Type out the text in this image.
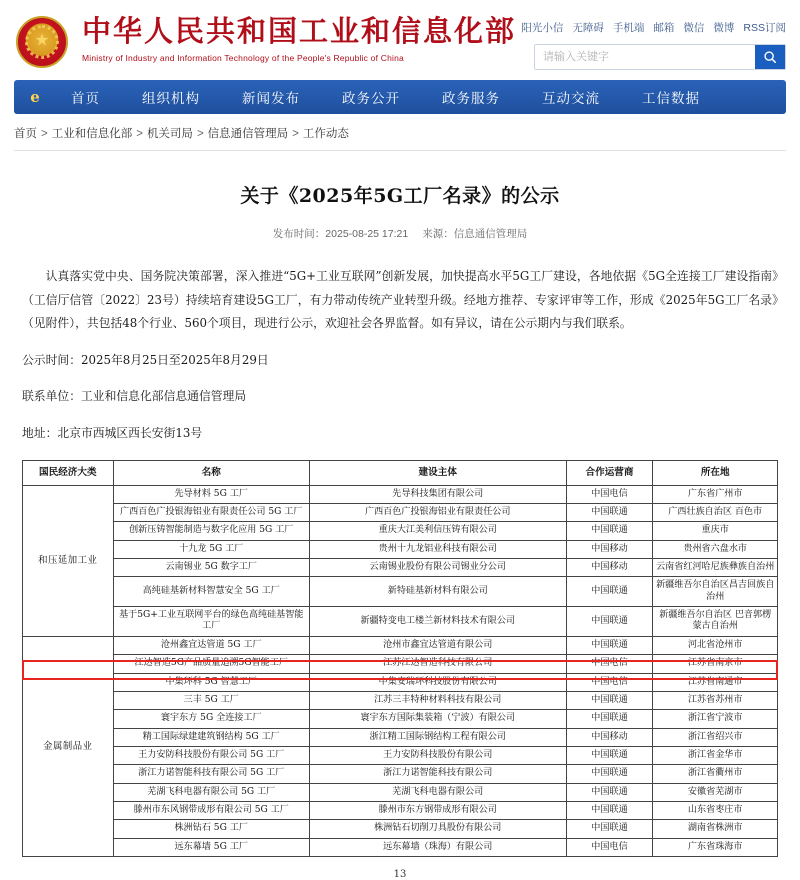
★ 中华人民共和国工业和信息化部
Ministry of Industry and Information Technology of the People's Republic of China
阳光小信 无障碍 手机端 邮箱 微信 微博 RSS订阅
请输入关键字
e	首页	组织机构	新闻发布	政务公开	政务服务	互动交流	工信数据
首页 > 工业和信息化部 > 机关司局 > 信息通信管理局 > 工作动态
关于《2025年5G工厂名录》的公示
发布时间：2025-08-25 17:21 来源：信息通信管理局

认真落实党中央、国务院决策部署，深入推进“5G+工业互联网”创新发展，加快提高水平5G工厂建设，各地依据《5G全连接工厂建设指南》（工信厅信管〔2022〕23号）持续培育建设5G工厂，有力带动传统产业转型升级。经地方推荐、专家评审等工作，形成《2025年5G工厂名录》（见附件），共包括48个行业、560个项目，现进行公示，欢迎社会各界监督。如有异议，请在公示期内与我们联系。

公示时间：2025年8月25日至2025年8月29日

联系单位：工业和信息化部信息通信管理局

地址：北京市西城区西长安街13号

国民经济大类	名称	建设主体	合作运营商	所在地
和压延加工业	先导材料 5G 工厂	先导科技集团有限公司	中国电信	广东省广州市
	广西百色广投银海铝业有限责任公司 5G 工厂	广西百色广投银海铝业有限责任公司	中国联通	广西壮族自治区 百色市
	创新压铸智能制造与数字化应用 5G 工厂	重庆大江美利信压铸有限公司	中国联通	重庆市
	十九龙 5G 工厂	贵州十九龙铝业科技有限公司	中国移动	贵州省六盘水市
	云南锡业 5G 数字工厂	云南锡业股份有限公司锡业分公司	中国移动	云南省红河哈尼族彝族自治州
	高纯硅基新材料智慧安全 5G 工厂	新特硅基新材料有限公司	中国联通	新疆维吾尔自治区昌吉回族自治州
	基于5G+工业互联网平台的绿色高纯硅基智能工厂	新疆特变电工楼兰新材料技术有限公司	中国联通	新疆维吾尔自治区 巴音郭楞蒙古自治州
金属制品业	沧州鑫宜达管道 5G 工厂	沧州市鑫宜达管道有限公司	中国联通	河北省沧州市
	江达智造5G产品质量追溯5G智能工厂	江苏江达智造科技有限公司	中国电信	江苏省南京市
	中集环科 5G 智慧工厂	中集安瑞环科技股份有限公司	中国电信	江苏省南通市
	三丰 5G 工厂	江苏三丰特种材料科技有限公司	中国联通	江苏省苏州市
	寰宇东方 5G 全连接工厂	寰宇东方国际集装箱（宁波）有限公司	中国联通	浙江省宁波市
	精工国际绿建建筑钢结构 5G 工厂	浙江精工国际钢结构工程有限公司	中国移动	浙江省绍兴市
	王力安防科技股份有限公司 5G 工厂	王力安防科技股份有限公司	中国联通	浙江省金华市
	浙江力诺智能科技有限公司 5G 工厂	浙江力诺智能科技有限公司	中国联通	浙江省衢州市
	芜湖飞科电器有限公司 5G 工厂	芜湖飞科电器有限公司	中国联通	安徽省芜湖市
	滕州市东风钢带成形有限公司 5G 工厂	滕州市东方钢带成形有限公司	中国联通	山东省枣庄市
	株洲钻石 5G 工厂	株洲钻石切削刀具股份有限公司	中国联通	湖南省株洲市
	远东幕墙 5G 工厂	远东幕墙（珠海）有限公司	中国电信	广东省珠海市
13
